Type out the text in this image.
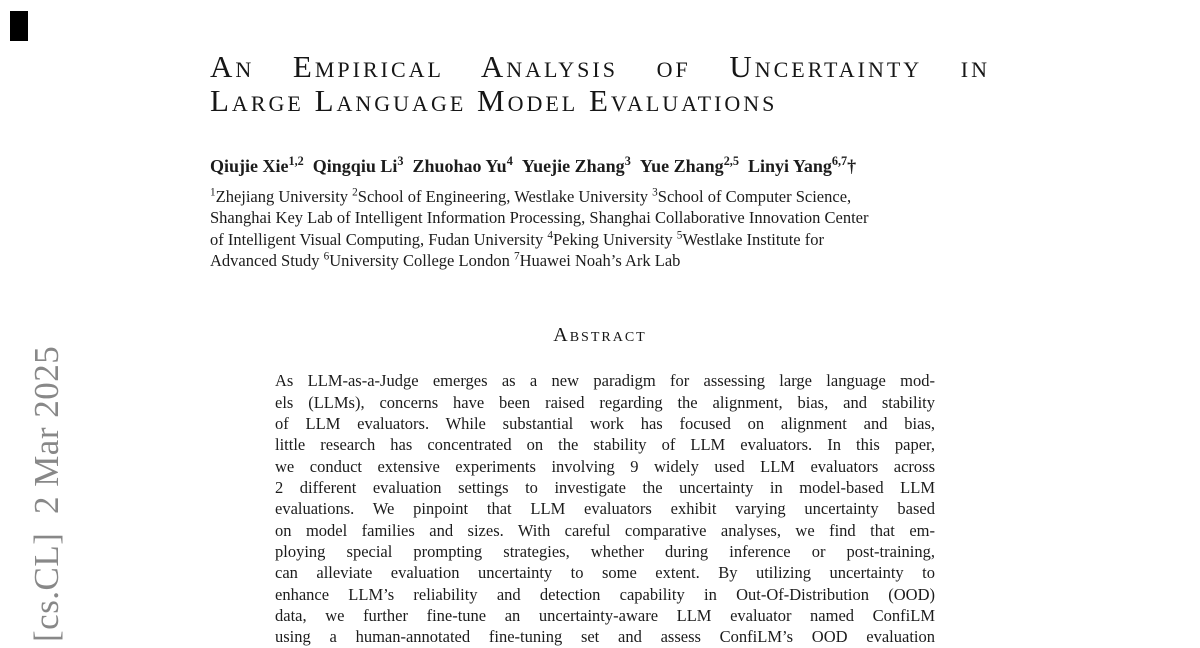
[cs.CL]  2 Mar 2025
An Empirical Analysis of Uncertainty in
Large Language Model Evaluations
Qiujie Xie$^{1,2}$ Qingqiu Li$^3$ Zhuohao Yu$^4$ Yuejie Zhang$^3$ Yue Zhang$^{2,5}$ Linyi Yang$^{6,7}$†
$^1$Zhejiang University $^2$School of Engineering, Westlake University $^3$School of Computer Science,
Shanghai Key Lab of Intelligent Information Processing, Shanghai Collaborative Innovation Center
of Intelligent Visual Computing, Fudan University $^4$Peking University $^5$Westlake Institute for
Advanced Study $^6$University College London $^7$Huawei Noah’s Ark Lab
Abstract
As LLM-as-a-Judge emerges as a new paradigm for assessing large language mod-
els (LLMs), concerns have been raised regarding the alignment, bias, and stability
of LLM evaluators. While substantial work has focused on alignment and bias,
little research has concentrated on the stability of LLM evaluators. In this paper,
we conduct extensive experiments involving 9 widely used LLM evaluators across
2 different evaluation settings to investigate the uncertainty in model-based LLM
evaluations. We pinpoint that LLM evaluators exhibit varying uncertainty based
on model families and sizes. With careful comparative analyses, we find that em-
ploying special prompting strategies, whether during inference or post-training,
can alleviate evaluation uncertainty to some extent. By utilizing uncertainty to
enhance LLM’s reliability and detection capability in Out-Of-Distribution (OOD)
data, we further fine-tune an uncertainty-aware LLM evaluator named ConfiLM
using a human-annotated fine-tuning set and assess ConfiLM’s OOD evaluation
